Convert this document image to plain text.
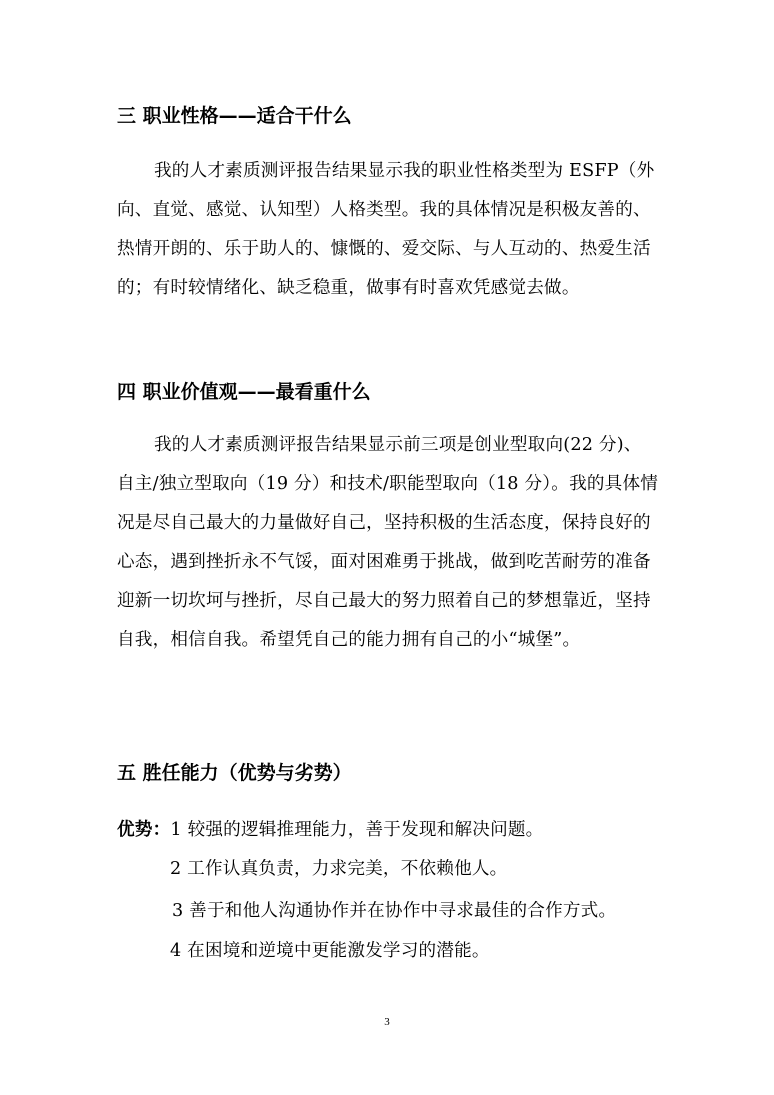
三 职业性格——适合干什么
我的人才素质测评报告结果显示我的职业性格类型为 ESFP（外
向、直觉、感觉、认知型）人格类型。我的具体情况是积极友善的、
热情开朗的、乐于助人的、慷慨的、爱交际、与人互动的、热爱生活
的；有时较情绪化、缺乏稳重，做事有时喜欢凭感觉去做。
四 职业价值观——最看重什么
我的人才素质测评报告结果显示前三项是创业型取向(22 分)、
自主/独立型取向（19 分）和技术/职能型取向（18 分）。我的具体情
况是尽自己最大的力量做好自己，坚持积极的生活态度，保持良好的
心态，遇到挫折永不气馁，面对困难勇于挑战，做到吃苦耐劳的准备
迎新一切坎坷与挫折，尽自己最大的努力照着自己的梦想靠近，坚持
自我，相信自我。希望凭自己的能力拥有自己的小“城堡”。
五 胜任能力（优势与劣势）
优势：1 较强的逻辑推理能力，善于发现和解决问题。
2 工作认真负责，力求完美，不依赖他人。
3 善于和他人沟通协作并在协作中寻求最佳的合作方式。
4 在困境和逆境中更能激发学习的潜能。
3
